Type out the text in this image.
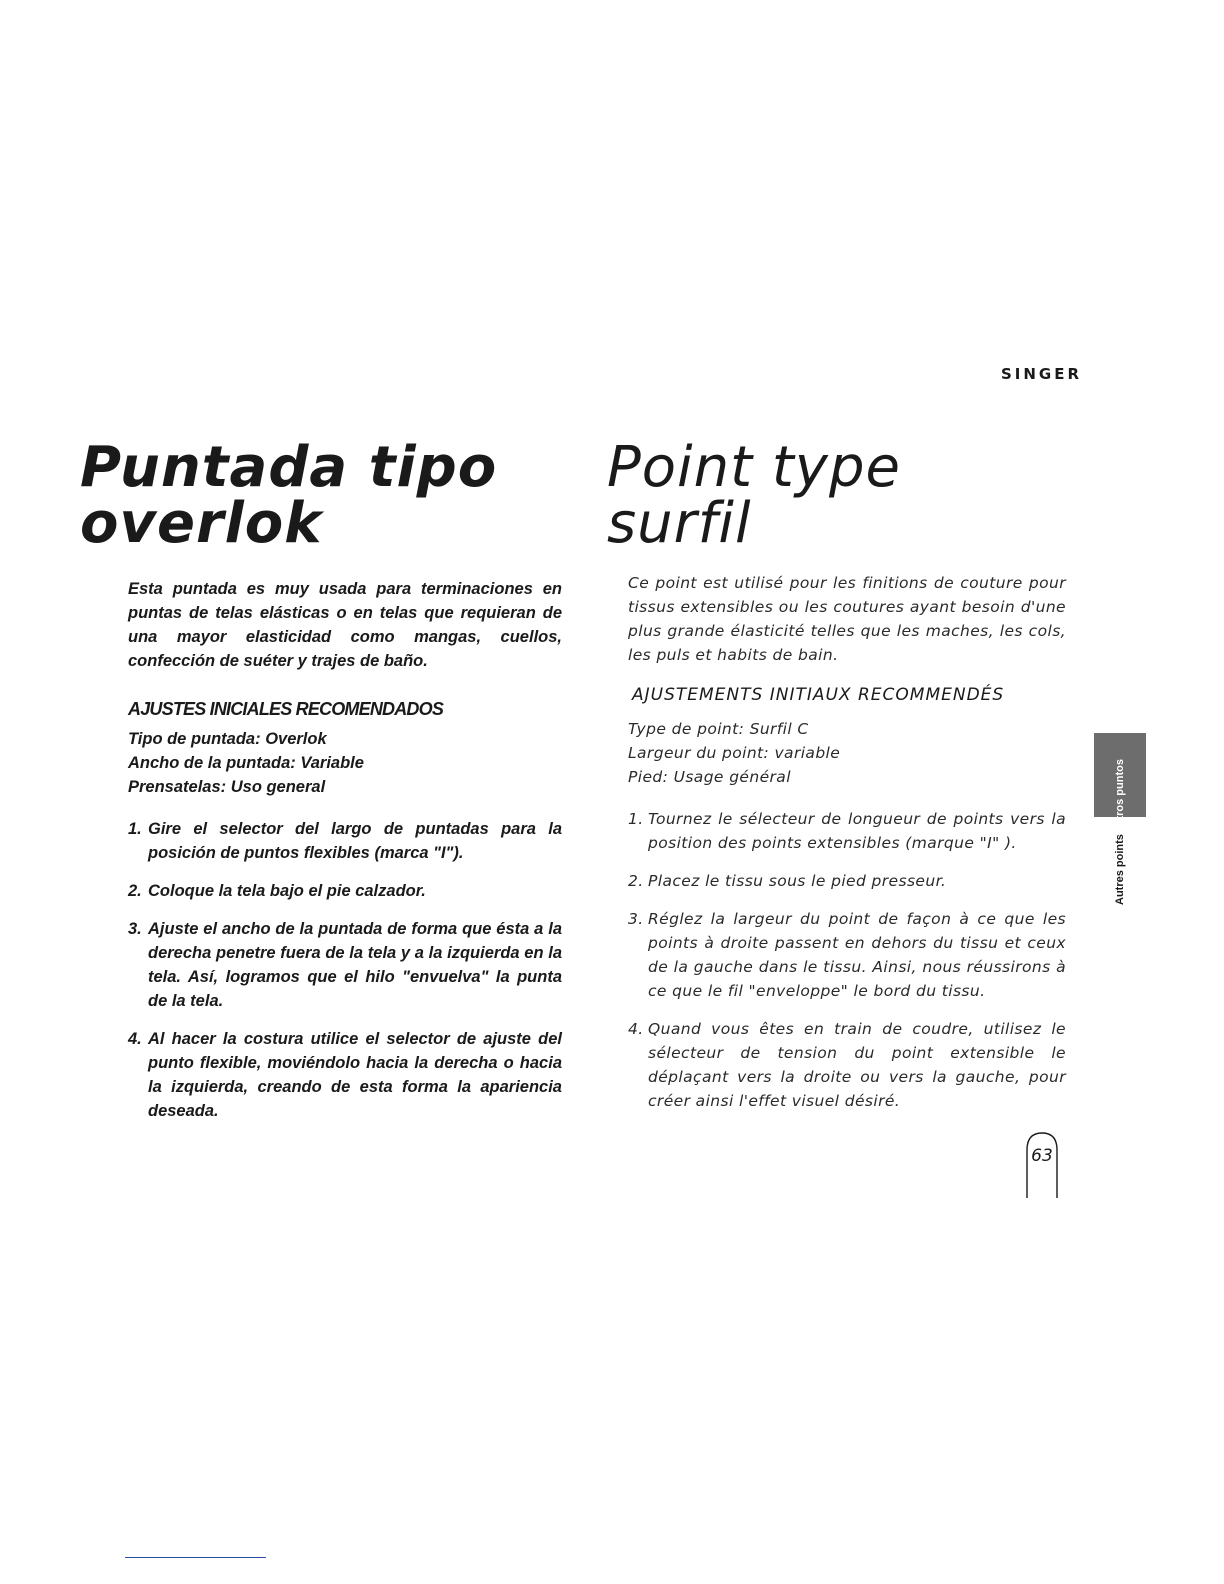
SINGER
Puntada tipo
overlok
Point type
surfil

Esta puntada es muy usada para terminaciones en puntas de telas elásticas o en telas que requieran de una mayor elasticidad como mangas, cuellos, confección de suéter y trajes de baño.

AJUSTES INICIALES RECOMENDADOS
Tipo de puntada: Overlok
Ancho de la puntada: Variable
Prensatelas: Uso general
1. Gire el selector del largo de puntadas para la posición de puntos flexibles (marca "I").
2. Coloque la tela bajo el pie calzador.
3. Ajuste el ancho de la puntada de forma que ésta a la derecha penetre fuera de la tela y a la izquierda en la tela. Así, logramos que el hilo "envuelva" la punta de la tela.
4. Al hacer la costura utilice el selector de ajuste del punto flexible, moviéndolo hacia la derecha o hacia la izquierda, creando de esta forma la apariencia deseada.

Ce point est utilisé pour les finitions de couture pour tissus extensibles ou les coutures ayant besoin d'une plus grande élasticité telles que les maches, les cols, les puls et habits de bain.

AJUSTEMENTS INITIAUX RECOMMENDÉS
Type de point: Surfil C
Largeur du point: variable
Pied: Usage général
1. Tournez le sélecteur de longueur de points vers la position des points extensibles (marque "I" ).
2. Placez le tissu sous le pied presseur.
3. Réglez la largeur du point de façon à ce que les points à droite passent en dehors du tissu et ceux de la gauche dans le tissu. Ainsi, nous réussirons à ce que le fil "enveloppe" le bord du tissu.
4. Quand vous êtes en train de coudre, utilisez le sélecteur de tension du point extensible le déplaçant vers la droite ou vers la gauche, pour créer ainsi l'effet visuel désiré.
Autres pointsOtros puntos
63
